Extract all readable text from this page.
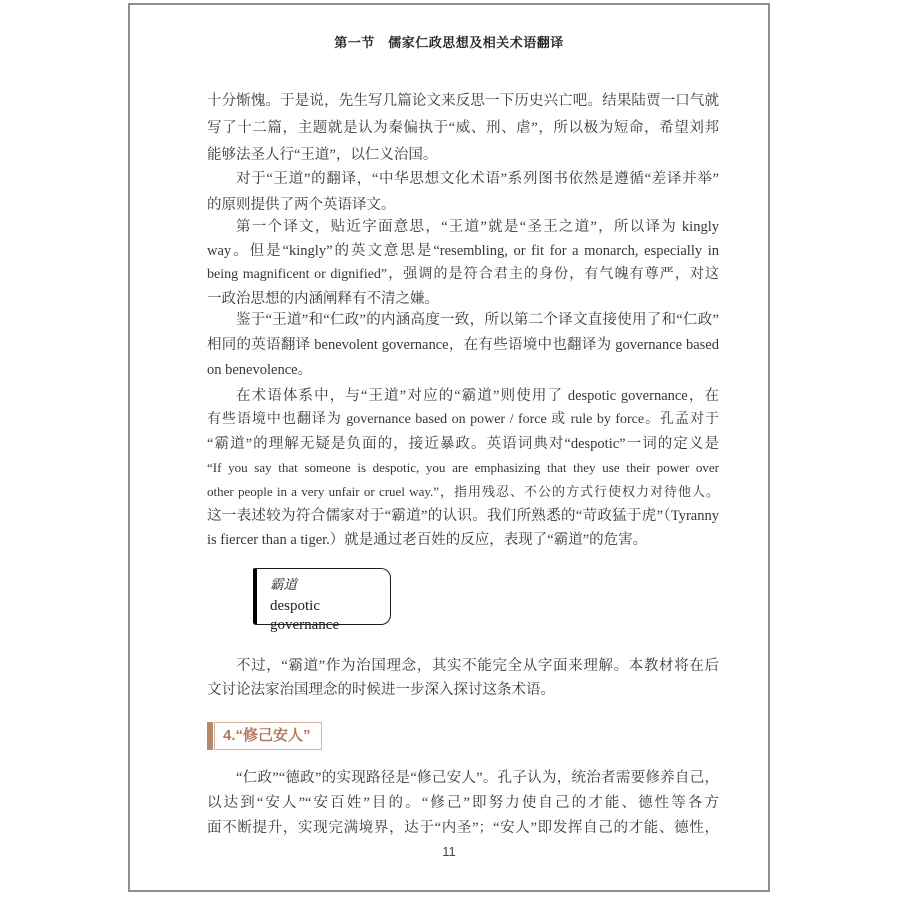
第一节　儒家仁政思想及相关术语翻译
霸道
despotic governance
4.“修己安人”
十分惭愧。于是说，先生写几篇论文来反思一下历史兴亡吧。结果陆贾一口气就
写了十二篇，主题就是认为秦偏执于“威、刑、虐”，所以极为短命，希望刘邦
能够法圣人行“王道”，以仁义治国。
对于“王道”的翻译，“中华思想文化术语”系列图书依然是遵循“差译并举”
的原则提供了两个英语译文。
第一个译文，贴近字面意思，“王道”就是“圣王之道”，所以译为 kingly
way。但是“kingly”的英文意思是“resembling, or fit for a monarch, especially in
being magnificent or dignified”，强调的是符合君主的身份，有气魄有尊严，对这
一政治思想的内涵阐释有不清之嫌。
鉴于“王道”和“仁政”的内涵高度一致，所以第二个译文直接使用了和“仁政”
相同的英语翻译 benevolent governance，在有些语境中也翻译为 governance based
on benevolence。
在术语体系中，与“王道”对应的“霸道”则使用了 despotic governance，在
有些语境中也翻译为 governance based on power / force 或 rule by force。孔孟对于
“霸道”的理解无疑是负面的，接近暴政。英语词典对“despotic”一词的定义是
“If you say that someone is despotic, you are emphasizing that they use their power over
other people in a very unfair or cruel way.”，指用残忍、不公的方式行使权力对待他人。
这一表述较为符合儒家对于“霸道”的认识。我们所熟悉的“苛政猛于虎”（Tyranny
is fiercer than a tiger.）就是通过老百姓的反应，表现了“霸道”的危害。
不过，“霸道”作为治国理念，其实不能完全从字面来理解。本教材将在后
文讨论法家治国理念的时候进一步深入探讨这条术语。
“仁政”“德政”的实现路径是“修己安人”。孔子认为，统治者需要修养自己，
以达到“安人”“安百姓”目的。“修己”即努力使自己的才能、德性等各方
面不断提升，实现完满境界，达于“内圣”；“安人”即发挥自己的才能、德性，
11
